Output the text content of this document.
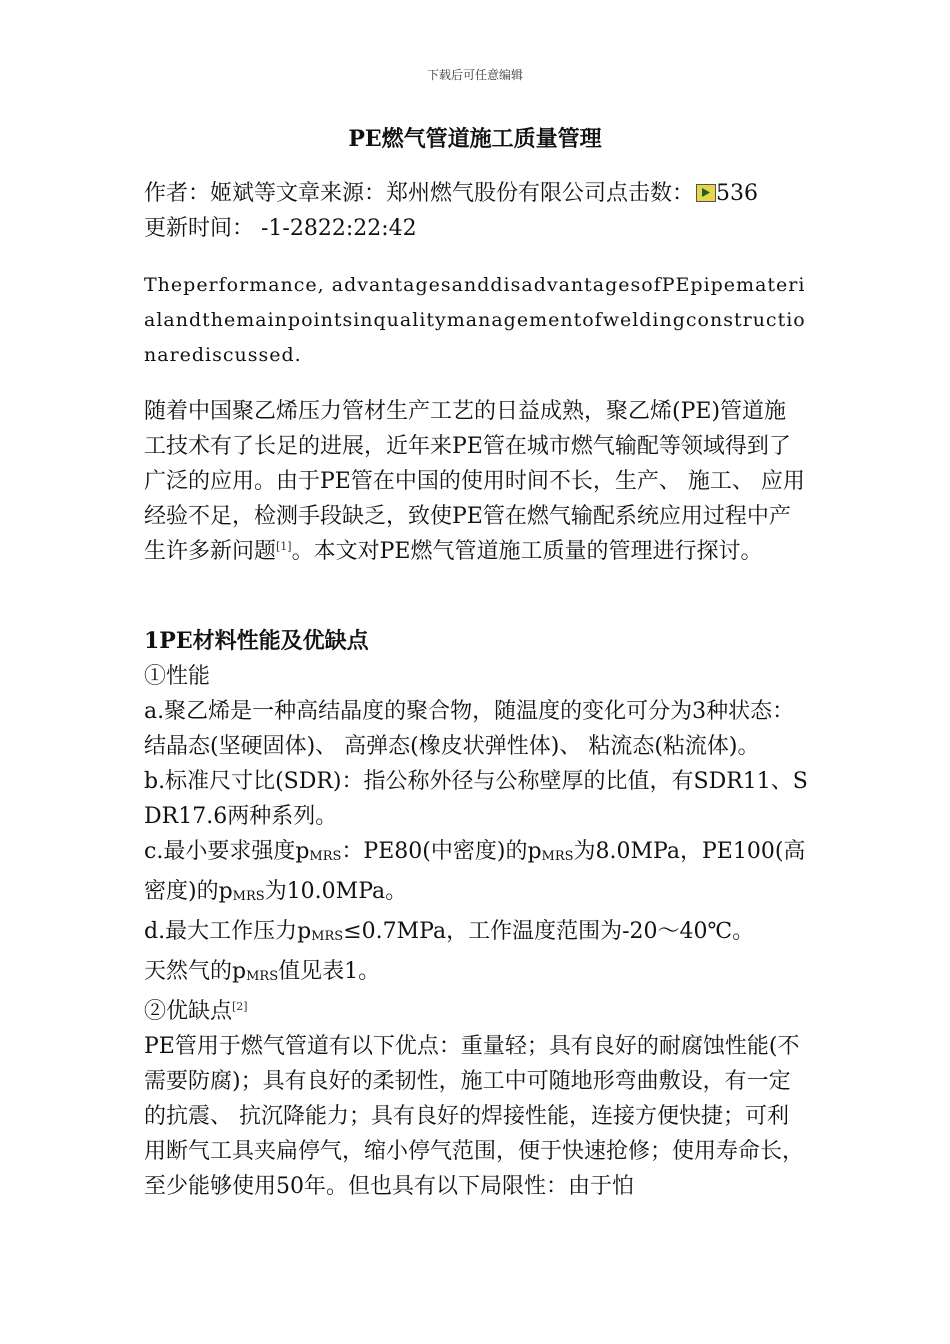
下载后可任意编辑
PE燃气管道施工质量管理

作者：姬斌等文章来源：郑州燃气股份有限公司点击数： 536

更新时间： -1-2822:22:42

Theperformance, advantagesanddisadvantagesofPEpipematerialandthemainpointsinqualitymanagementofweldingconstructionarediscussed.
随着中国聚乙烯压力管材生产工艺的日益成熟，聚乙烯(PE)管道施工技术有了长足的进展，近年来PE管在城市燃气输配等领域得到了广泛的应用。由于PE管在中国的使用时间不长，生产、 施工、 应用经验不足，检测手段缺乏，致使PE管在燃气输配系统应用过程中产生许多新问题[1]。本文对PE燃气管道施工质量的管理进行探讨。

1PE材料性能及优缺点

①性能

a.聚乙烯是一种高结晶度的聚合物，随温度的变化可分为3种状态：结晶态(坚硬固体)、 高弹态(橡皮状弹性体)、 粘流态(粘流体)。

b.标准尺寸比(SDR)：指公称外径与公称壁厚的比值，有SDR11、SDR17.6两种系列。

c.最小要求强度pMRS：PE80(中密度)的pMRS为8.0MPa，PE100(高密度)的pMRS为10.0MPa。

d.最大工作压力pMRS≤0.7MPa，工作温度范围为-20～40℃。

天然气的pMRS值见表1。

②优缺点[2]

PE管用于燃气管道有以下优点：重量轻；具有良好的耐腐蚀性能(不需要防腐)；具有良好的柔韧性，施工中可随地形弯曲敷设，有一定的抗震、 抗沉降能力；具有良好的焊接性能，连接方便快捷；可利用断气工具夹扁停气，缩小停气范围，便于快速抢修；使用寿命长，至少能够使用50年。但也具有以下局限性：由于怕
